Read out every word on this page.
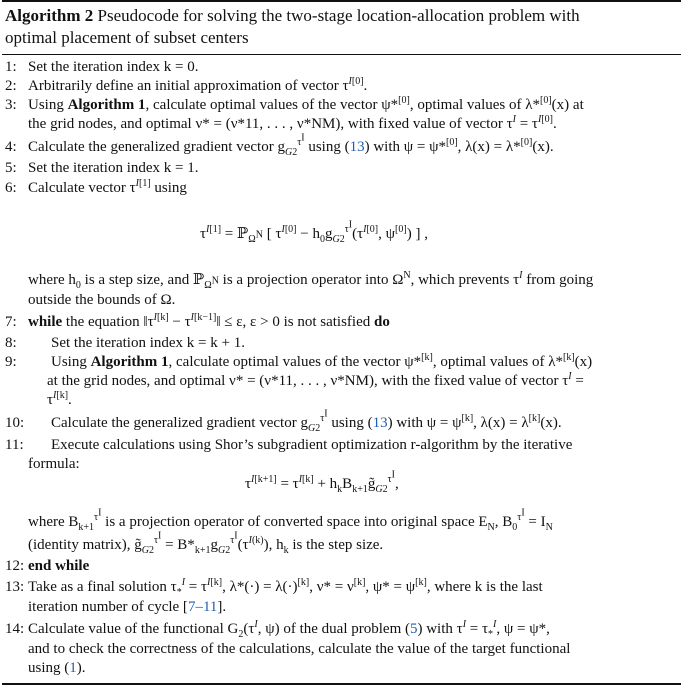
Algorithm 2 Pseudocode for solving the two-stage location-allocation problem with
optimal placement of subset centers
1: Set the iteration index k = 0.
2: Arbitrarily define an initial approximation of vector $\tau^{I[0]}$.
3: Using Algorithm 1, calculate optimal values of the vector ψ*[0], optimal values of λ*[0](x) at
the grid nodes, and optimal ν* = (ν*11, . . . , ν*NM), with fixed value of vector $\tau^I = \tau^{I[0]}$.
4: Calculate the generalized gradient vector $g_{G2}^{\tau^I}$ using (13) with ψ = ψ*[0], λ(x) = λ*[0](x).
5: Set the iteration index k = 1.
6: Calculate vector $\tau^{I[1]}$ using
$\tau^{I[1]}$ = ℙ$_{\Omega^N}$ [ $\tau^{I[0]} - h_0g_{G2}^{\tau^I}(\tau^{I[0]}$, ψ[0]) ] ,
where $h_0$ is a step size, and ℙ$_{\Omega^N}$ is a projection operator into $\Omega^N$, which prevents $\tau^I$ from going
outside the bounds of Ω.
7: while the equation $‖\tau^{I[k]}$ − $\tau^{I[k-1]}‖ \le \varepsilon$, ε > 0 is not satisfied do
8: Set the iteration index k = k + 1.
9: Using Algorithm 1, calculate optimal values of the vector ψ*[k], optimal values of λ*[k](x)
at the grid nodes, and optimal ν* = (ν*11, . . . , ν*NM), with the fixed value of vector $\tau^I$ =
$\tau^{I[k]}$.
10: Calculate the generalized gradient vector $g_{G2}^{\tau^I}$ using (13) with ψ = ψ[k], λ(x) = λ[k](x).
11: Execute calculations using Shor’s subgradient optimization r-algorithm by the iterative
formula:
$\tau^{I[k+1]} = \tau^{I[k]}$ + $h_kB_{k+1}g̃_{G2}^{\tau^I}$,
where $B_{k+1}^{\tau^I}$ is a projection operator of converted space into original space $E_N$, $B_0^{\tau^I} = I_N$
(identity matrix), $g̃_{G2}^{\tau^I} = B*_{k+1}g_{G2}^{\tau^I}(\tau^{I(k)})$, $h_k$ is the step size.
12: end while
13: Take as a final solution $\tau_*^I = \tau^{I[k]}$, λ*(·) = λ(·)[k], ν* = ν[k], ψ* = ψ[k], where k is the last
iteration number of cycle [7–11].
14: Calculate value of the functional $G_2(\tau^I$, ψ) of the dual problem (5) with $\tau^I = \tau_*^I$, ψ = ψ*,
and to check the correctness of the calculations, calculate the value of the target functional
using (1).
